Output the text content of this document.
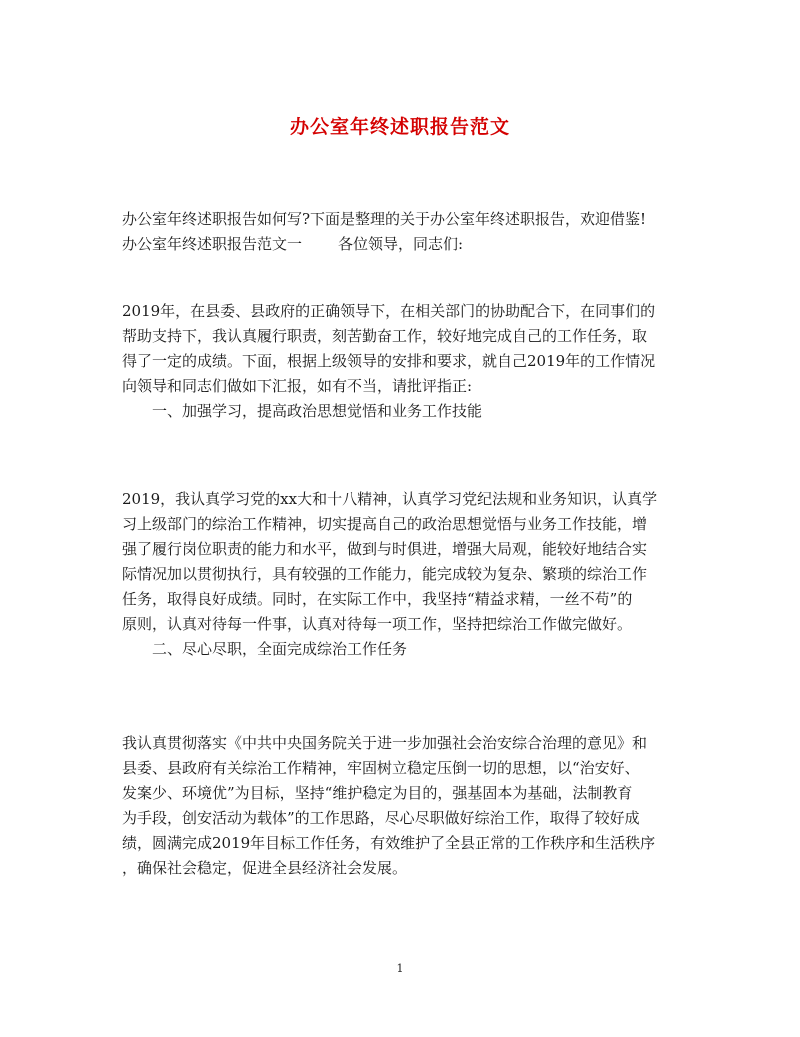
办公室年终述职报告范文
办公室年终述职报告如何写?下面是整理的关于办公室年终述职报告，欢迎借鉴!
办公室年终述职报告范文一 各位领导，同志们:
2019年，在县委、县政府的正确领导下，在相关部门的协助配合下，在同事们的
帮助支持下，我认真履行职责，刻苦勤奋工作，较好地完成自己的工作任务，取
得了一定的成绩。下面，根据上级领导的安排和要求，就自己2019年的工作情况
向领导和同志们做如下汇报，如有不当，请批评指正:
一、加强学习，提高政治思想觉悟和业务工作技能
2019，我认真学习党的xx大和十八精神，认真学习党纪法规和业务知识，认真学
习上级部门的综治工作精神，切实提高自己的政治思想觉悟与业务工作技能，增
强了履行岗位职责的能力和水平，做到与时俱进，增强大局观，能较好地结合实
际情况加以贯彻执行，具有较强的工作能力，能完成较为复杂、繁琐的综治工作
任务，取得良好成绩。同时，在实际工作中，我坚持“精益求精，一丝不苟”的
原则，认真对待每一件事，认真对待每一项工作，坚持把综治工作做完做好。
二、尽心尽职，全面完成综治工作任务
我认真贯彻落实《中共中央国务院关于进一步加强社会治安综合治理的意见》和
县委、县政府有关综治工作精神，牢固树立稳定压倒一切的思想，以“治安好、
发案少、环境优”为目标，坚持“维护稳定为目的，强基固本为基础，法制教育
为手段，创安活动为载体”的工作思路，尽心尽职做好综治工作，取得了较好成
绩，圆满完成2019年目标工作任务，有效维护了全县正常的工作秩序和生活秩序
，确保社会稳定，促进全县经济社会发展。
1
